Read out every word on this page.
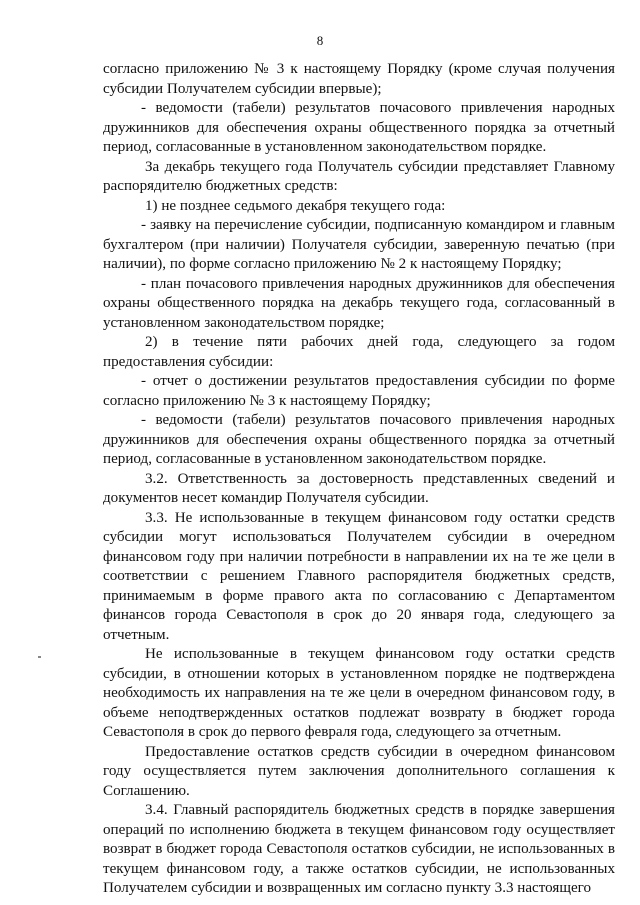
8

согласно приложению № 3 к настоящему Порядку (кроме случая получения субсидии Получателем субсидии впервые);

- ведомости (табели) результатов почасового привлечения народных дружинников для обеспечения охраны общественного порядка за отчетный период, согласованные в установленном законодательством порядке.

За декабрь текущего года Получатель субсидии представляет Главному распорядителю бюджетных средств:

1) не позднее седьмого декабря текущего года:

- заявку на перечисление субсидии, подписанную командиром и главным бухгалтером (при наличии) Получателя субсидии, заверенную печатью (при наличии), по форме согласно приложению № 2 к настоящему Порядку;

- план почасового привлечения народных дружинников для обеспечения охраны общественного порядка на декабрь текущего года, согласованный в установленном законодательством порядке;

2) в течение пяти рабочих дней года, следующего за годом предоставления субсидии:

- отчет о достижении результатов предоставления субсидии по форме согласно приложению № 3 к настоящему Порядку;

- ведомости (табели) результатов почасового привлечения народных дружинников для обеспечения охраны общественного порядка за отчетный период, согласованные в установленном законодательством порядке.

3.2. Ответственность за достоверность представленных сведений и документов несет командир Получателя субсидии.

3.3. Не использованные в текущем финансовом году остатки средств субсидии могут использоваться Получателем субсидии в очередном финансовом году при наличии потребности в направлении их на те же цели в соответствии с решением Главного распорядителя бюджетных средств, принимаемым в форме правого акта по согласованию с Департаментом финансов города Севастополя в срок до 20 января года, следующего за отчетным.

Не использованные в текущем финансовом году остатки средств субсидии, в отношении которых в установленном порядке не подтверждена необходимость их направления на те же цели в очередном финансовом году, в объеме неподтвержденных остатков подлежат возврату в бюджет города Севастополя в срок до первого февраля года, следующего за отчетным.

Предоставление остатков средств субсидии в очередном финансовом году осуществляется путем заключения дополнительного соглашения к Соглашению.

3.4. Главный распорядитель бюджетных средств в порядке завершения операций по исполнению бюджета в текущем финансовом году осуществляет возврат в бюджет города Севастополя остатков субсидии, не использованных в текущем финансовом году, а также остатков субсидии, не использованных Получателем субсидии и возвращенных им согласно пункту 3.3 настоящего
